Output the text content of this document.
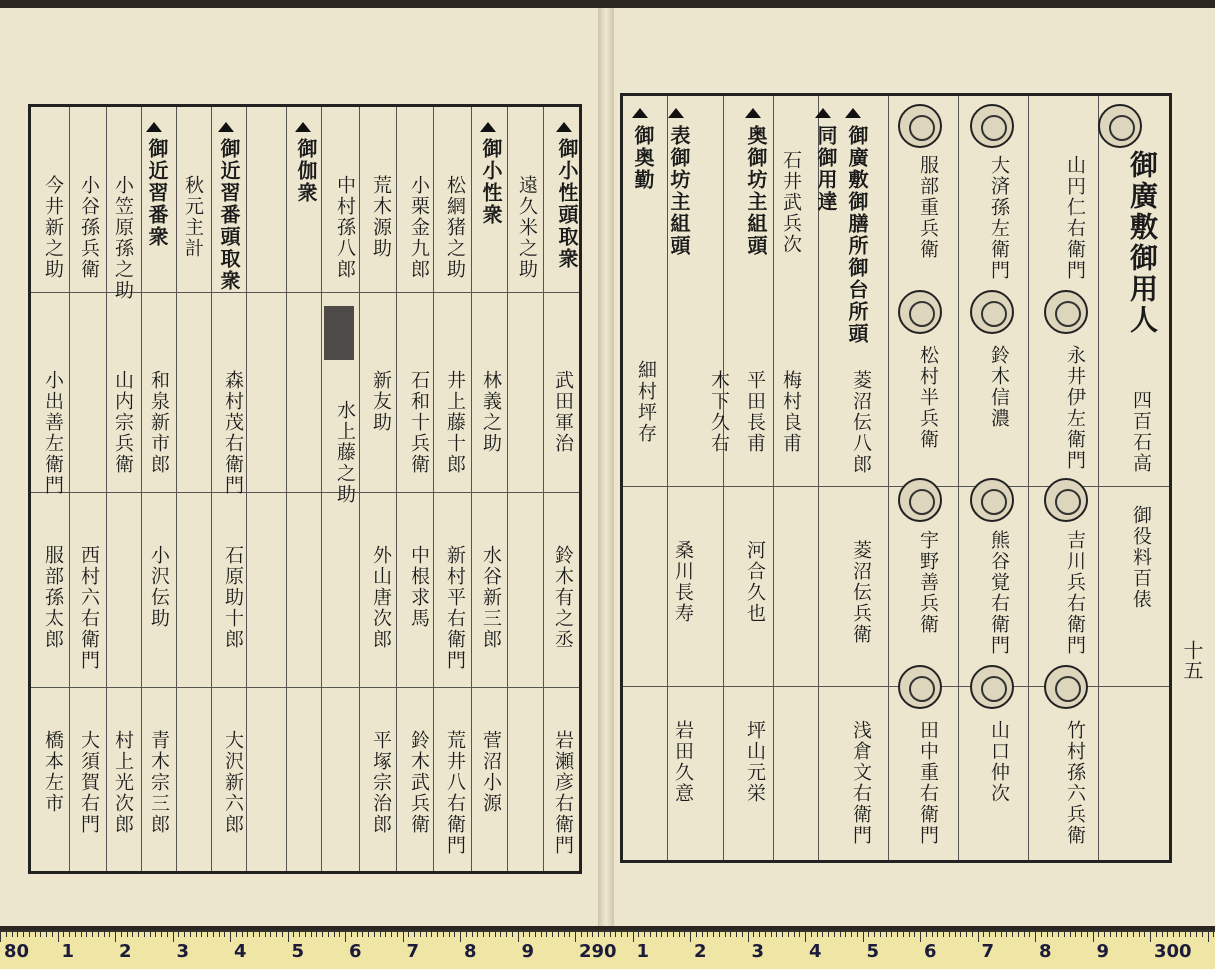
御廣敷御用人
四百石高
御役料百俵
十五
御廣敷御膳所御台所頭
同御用達
奥御坊主組頭
表御坊主組頭
御奥勤	山円仁右衛門
大済孫左衛門
永井伊左衛門
鈴木信濃
吉川兵右衛門
熊谷覚右衛門
山口仲次	竹村孫六兵衛
服部重兵衛
松村半兵衛
宇野善兵衛
田中重右衛門
石井武兵次
菱沼伝八郎
菱沼伝兵衛
浅倉文右衛門
梅村良甫
平田長甫
河合久也
坪山元栄
木下久右
桑川長寿
岩田久意
細村坪存
御小性頭取衆
御小性衆
御伽衆
御近習番頭取衆
御近習番衆
武田軍治
遠久米之助
鈴木有之丞
岩瀬彦右衛門
林義之助
井上藤十郎
水谷新三郎
新村平右衛門
荒井八右衛門 菅沼小源
松網猪之助
小栗金九郎
石和十兵衛
中根求馬
鈴木武兵衛
荒木源助
新友助
外山唐次郎
平塚宗治郎
中村孫八郎
水上藤之助
秋元主計
森村茂右衛門
石原助十郎
大沢新六郎
小笠原孫之助
和泉新市郎
小沢伝助
青木宗三郎
大須賀右門
小谷孫兵衛
山内宗兵衛
西村六右衛門
村上光次郎
今井新之助
小出善左衛門
服部孫太郎
橋本左市
80 1 2 3 4 5 6 7 8 9 290 1 2 3 4 5 6 7 8 9 300
